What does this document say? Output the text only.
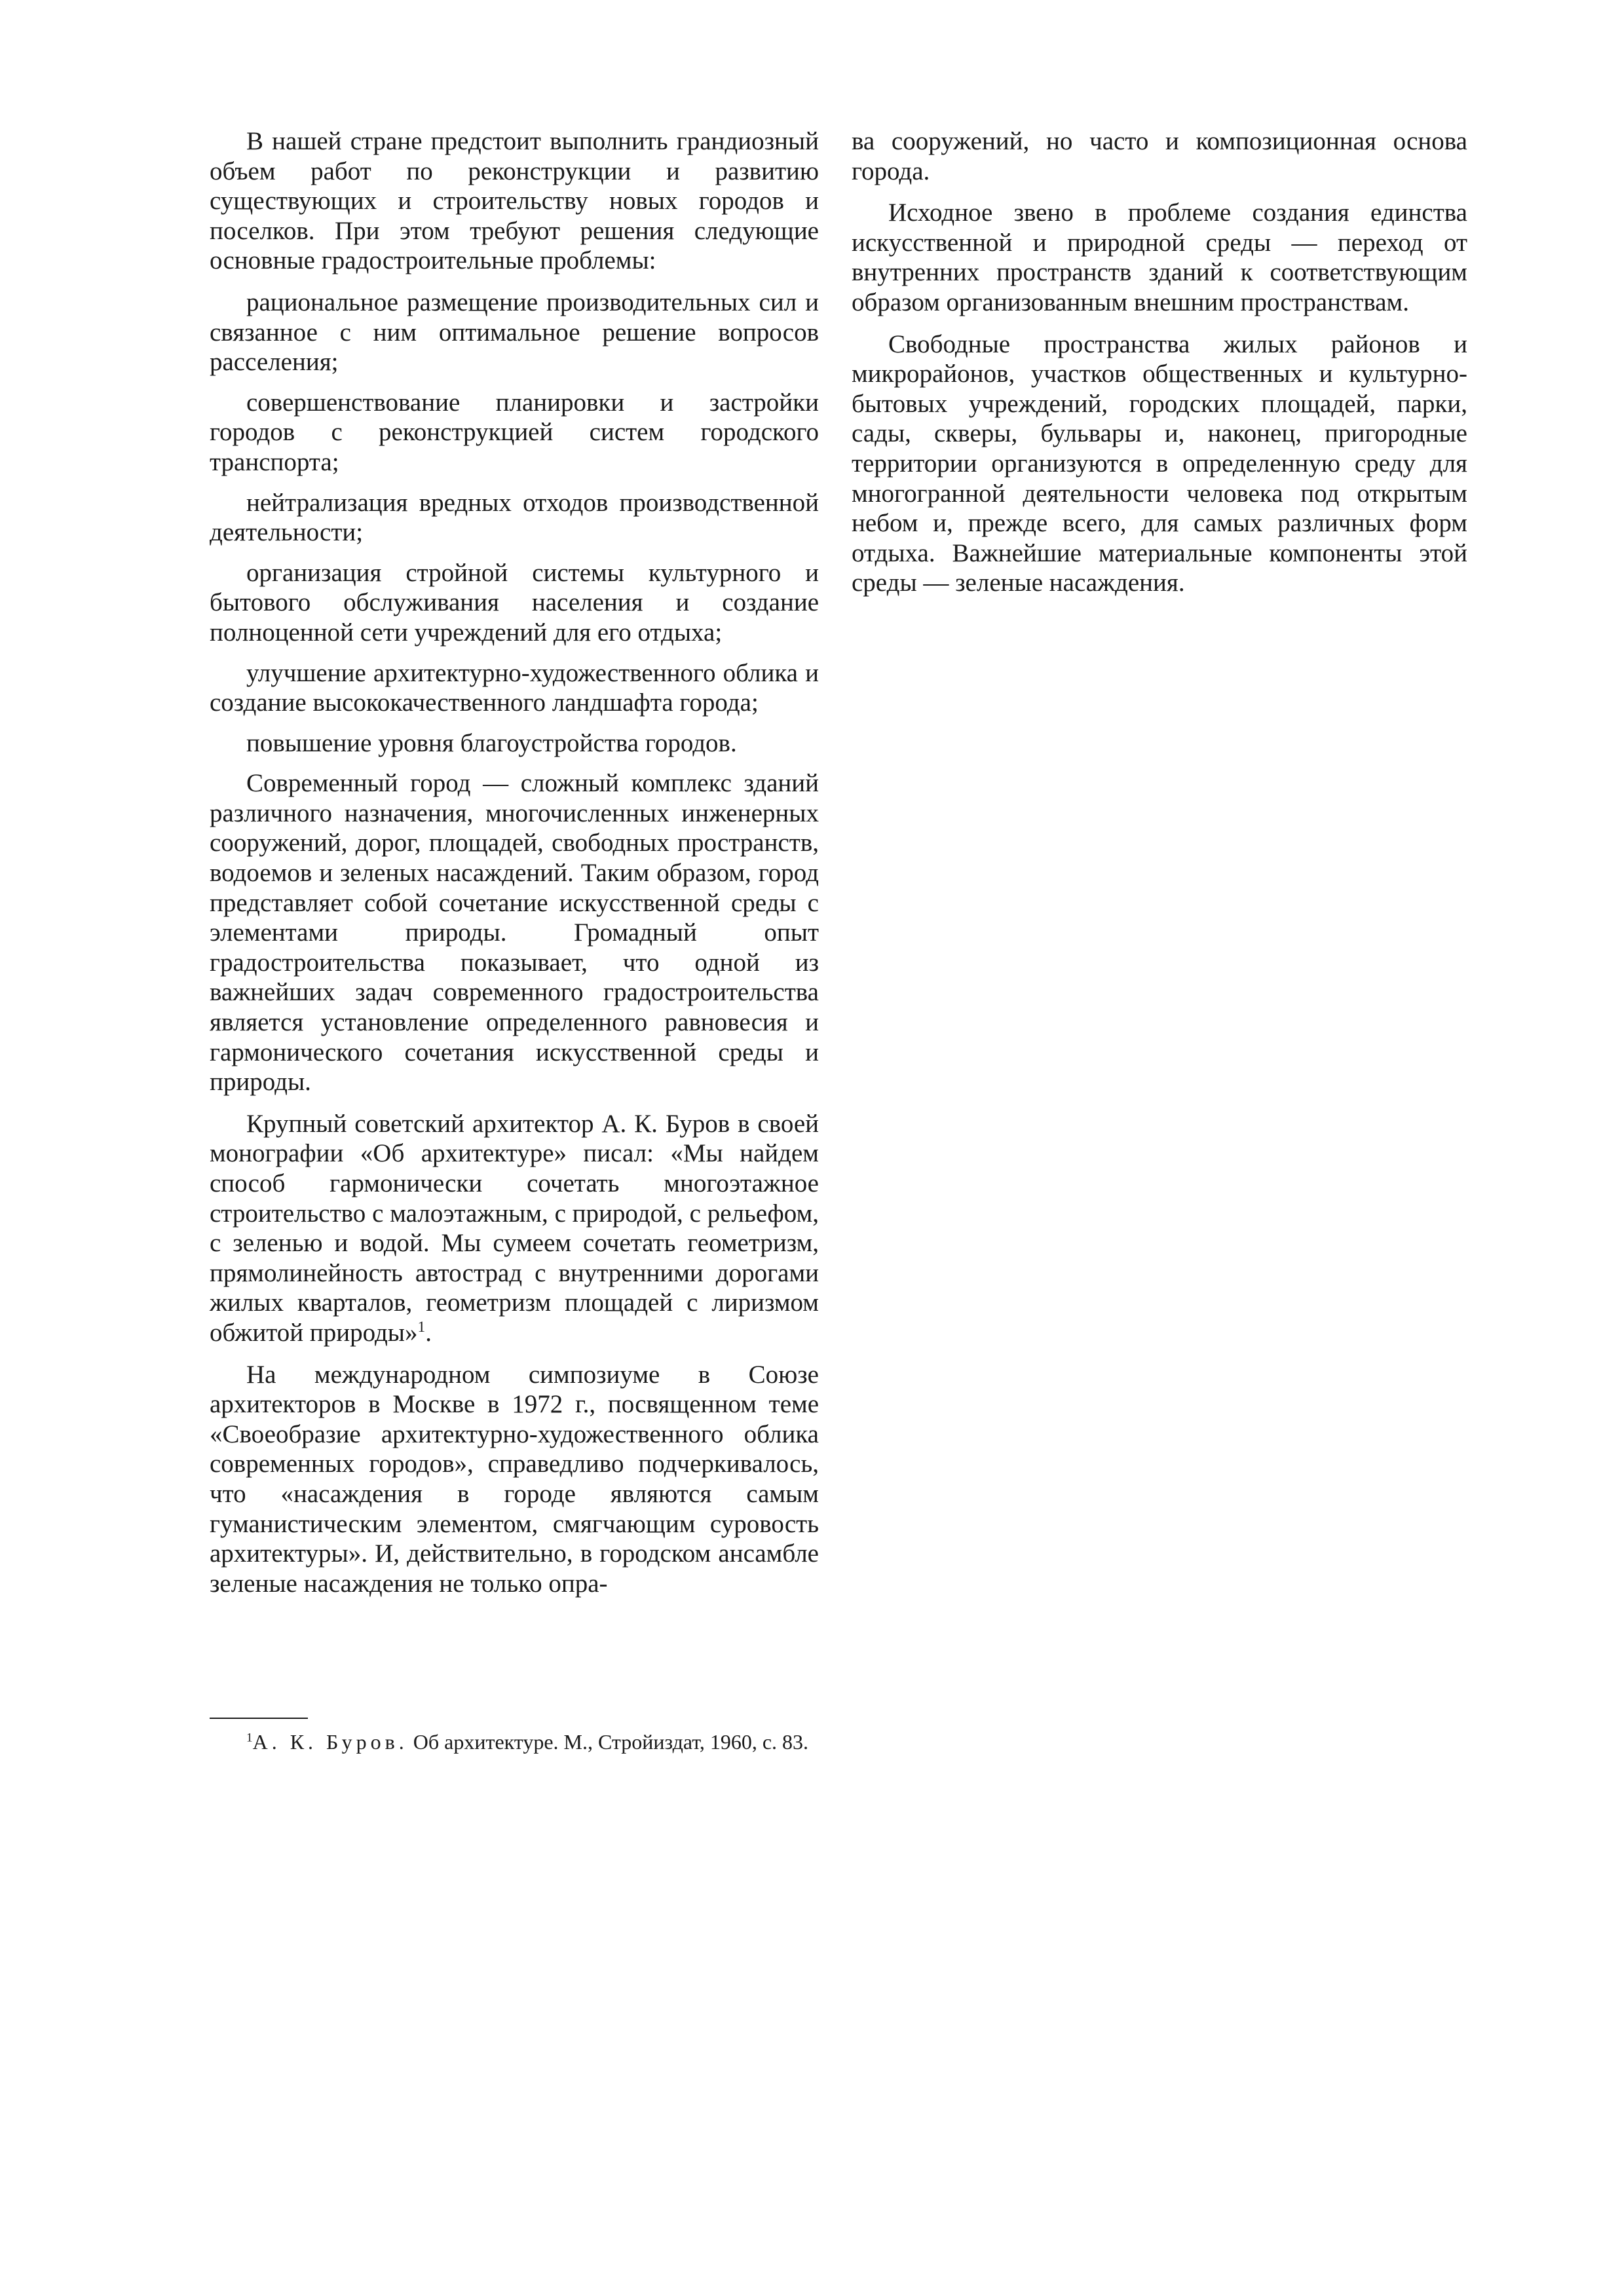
В нашей стране предстоит выполнить грандиозный объем работ по реконструкции и развитию существующих и строительству новых городов и поселков. При этом требуют решения следующие основные градостроительные проблемы:

рациональное размещение производительных сил и связанное с ним оптимальное решение вопросов расселения;

совершенствование планировки и застройки городов с реконструкцией систем городского транспорта;

нейтрализация вредных отходов производственной деятельности;

организация стройной системы культурного и бытового обслуживания населения и создание полноценной сети учреждений для его отдыха;

улучшение архитектурно-художественного облика и создание высококачественного ландшафта города;

повышение уровня благоустройства городов.

Современный город — сложный комплекс зданий различного назначения, многочисленных инженерных сооружений, дорог, площадей, свободных пространств, водоемов и зеленых насаждений. Таким образом, город представляет собой сочетание искусственной среды с элементами природы. Громадный опыт градостроительства показывает, что одной из важнейших задач современного градостроительства является установление определенного равновесия и гармонического сочетания искусственной среды и природы.

Крупный советский архитектор А. К. Буров в своей монографии «Об архитектуре» писал: «Мы найдем способ гармонически сочетать многоэтажное строительство с малоэтажным, с природой, с рельефом, с зеленью и водой. Мы сумеем сочетать геометризм, прямолинейность автострад с внутренними дорогами жилых кварталов, геометризм площадей с лиризмом обжитой природы»$^1$.

На международном симпозиуме в Союзе архитекторов в Москве в 1972 г., посвященном теме «Своеобразие архитектурно-художественного облика современных городов», справедливо подчеркивалось, что «насаждения в городе являются самым гуманистическим элементом, смягчающим суровость архитектуры». И, действительно, в городском ансамбле зеленые насаждения не только опра-

ва сооружений, но часто и композиционная основа города.

Исходное звено в проблеме создания единства искусственной и природной среды — переход от внутренних пространств зданий к соответствующим образом организованным внешним пространствам.

Свободные пространства жилых районов и микрорайонов, участков общественных и культурно-бытовых учреждений, городских площадей, парки, сады, скверы, бульвары и, наконец, пригородные территории организуются в определенную среду для многогранной деятельности человека под открытым небом и, прежде всего, для самых различных форм отдыха. Важнейшие материальные компоненты этой среды — зеленые насаждения.

$^1$А. К. Буров. Об архитектуре. М., Стройиздат, 1960, с. 83.
